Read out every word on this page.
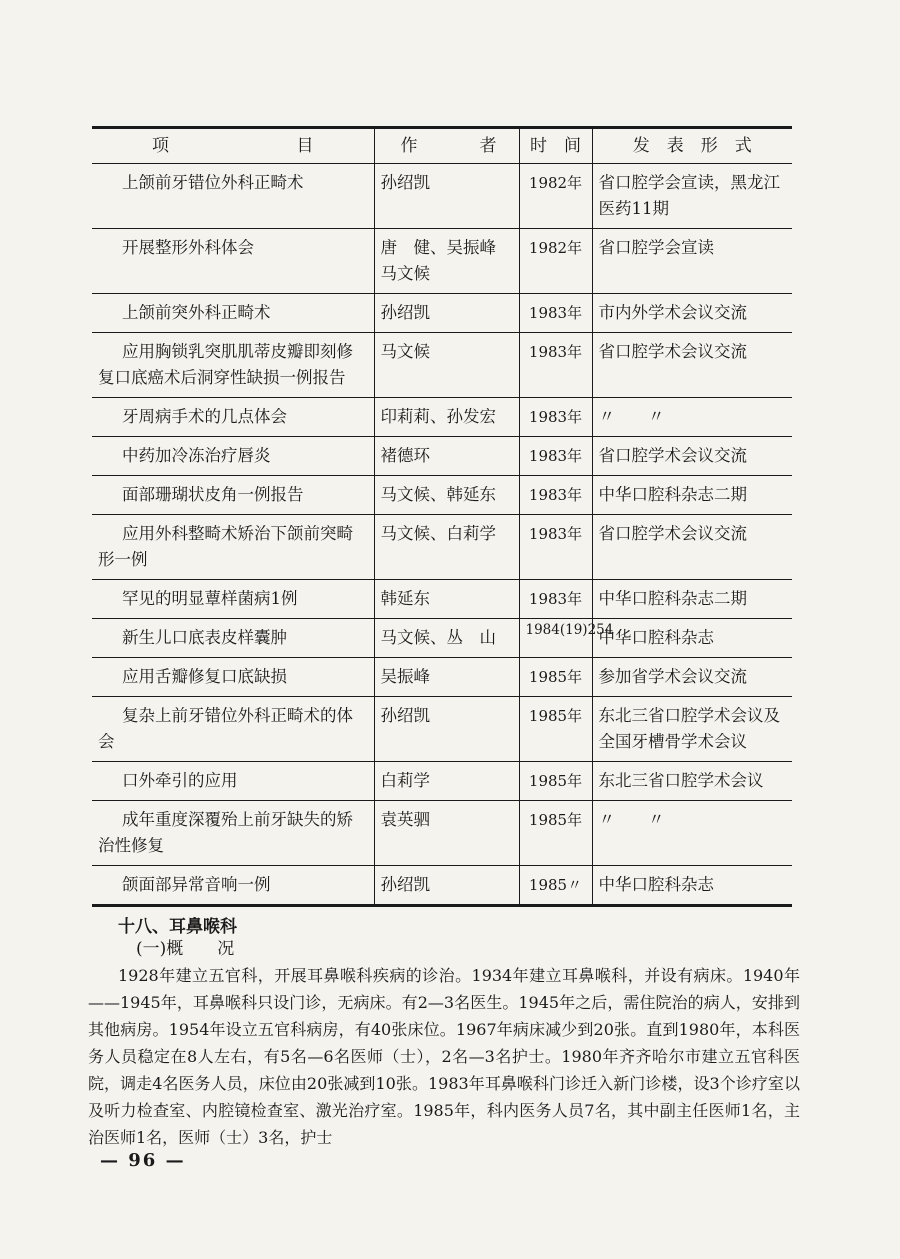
项 目	作 者	时　间	发　表　形　式
上颌前牙错位外科正畸术	孙绍凯	1982年	省口腔学会宣读，黑龙江医药11期
开展整形外科体会	唐　健、吴振峰　马文候	1982年	省口腔学会宣读
上颌前突外科正畸术	孙绍凯	1983年	市内外学术会议交流
应用胸锁乳突肌肌蒂皮瓣即刻修复口底癌术后洞穿性缺损一例报告	马文候	1983年	省口腔学术会议交流
牙周病手术的几点体会	印莉莉、孙发宏	1983年	〃　　〃
中药加冷冻治疗唇炎	褚德环	1983年	省口腔学术会议交流
面部珊瑚状皮角一例报告	马文候、韩延东	1983年	中华口腔科杂志二期
应用外科整畸术矫治下颌前突畸形一例	马文候、白莉学	1983年	省口腔学术会议交流
罕见的明显蕈样菌病1例	韩延东	1983年	中华口腔科杂志二期
新生儿口底表皮样囊肿	马文候、丛　山	1984(19)254	中华口腔科杂志
应用舌瓣修复口底缺损	吴振峰	1985年	参加省学术会议交流
复杂上前牙错位外科正畸术的体会	孙绍凯	1985年	东北三省口腔学术会议及全国牙槽骨学术会议
口外牵引的应用	白莉学	1985年	东北三省口腔学术会议
成年重度深覆殆上前牙缺失的矫治性修复	袁英驷	1985年	〃　　〃
颌面部异常音响一例	孙绍凯	1985〃	中华口腔科杂志
十八、耳鼻喉科
(一)概　　况

1928年建立五官科，开展耳鼻喉科疾病的诊治。1934年建立耳鼻喉科，并设有病床。1940年——1945年，耳鼻喉科只设门诊，无病床。有2—3名医生。1945年之后，需住院治的病人，安排到其他病房。1954年设立五官科病房，有40张床位。1967年病床减少到20张。直到1980年，本科医务人员稳定在8人左右，有5名—6名医师（士），2名—3名护士。1980年齐齐哈尔市建立五官科医院，调走4名医务人员，床位由20张减到10张。1983年耳鼻喉科门诊迁入新门诊楼，设3个诊疗室以及听力检查室、内腔镜检查室、激光治疗室。1985年，科内医务人员7名，其中副主任医师1名，主治医师1名，医师（士）3名，护士

— 96 —
